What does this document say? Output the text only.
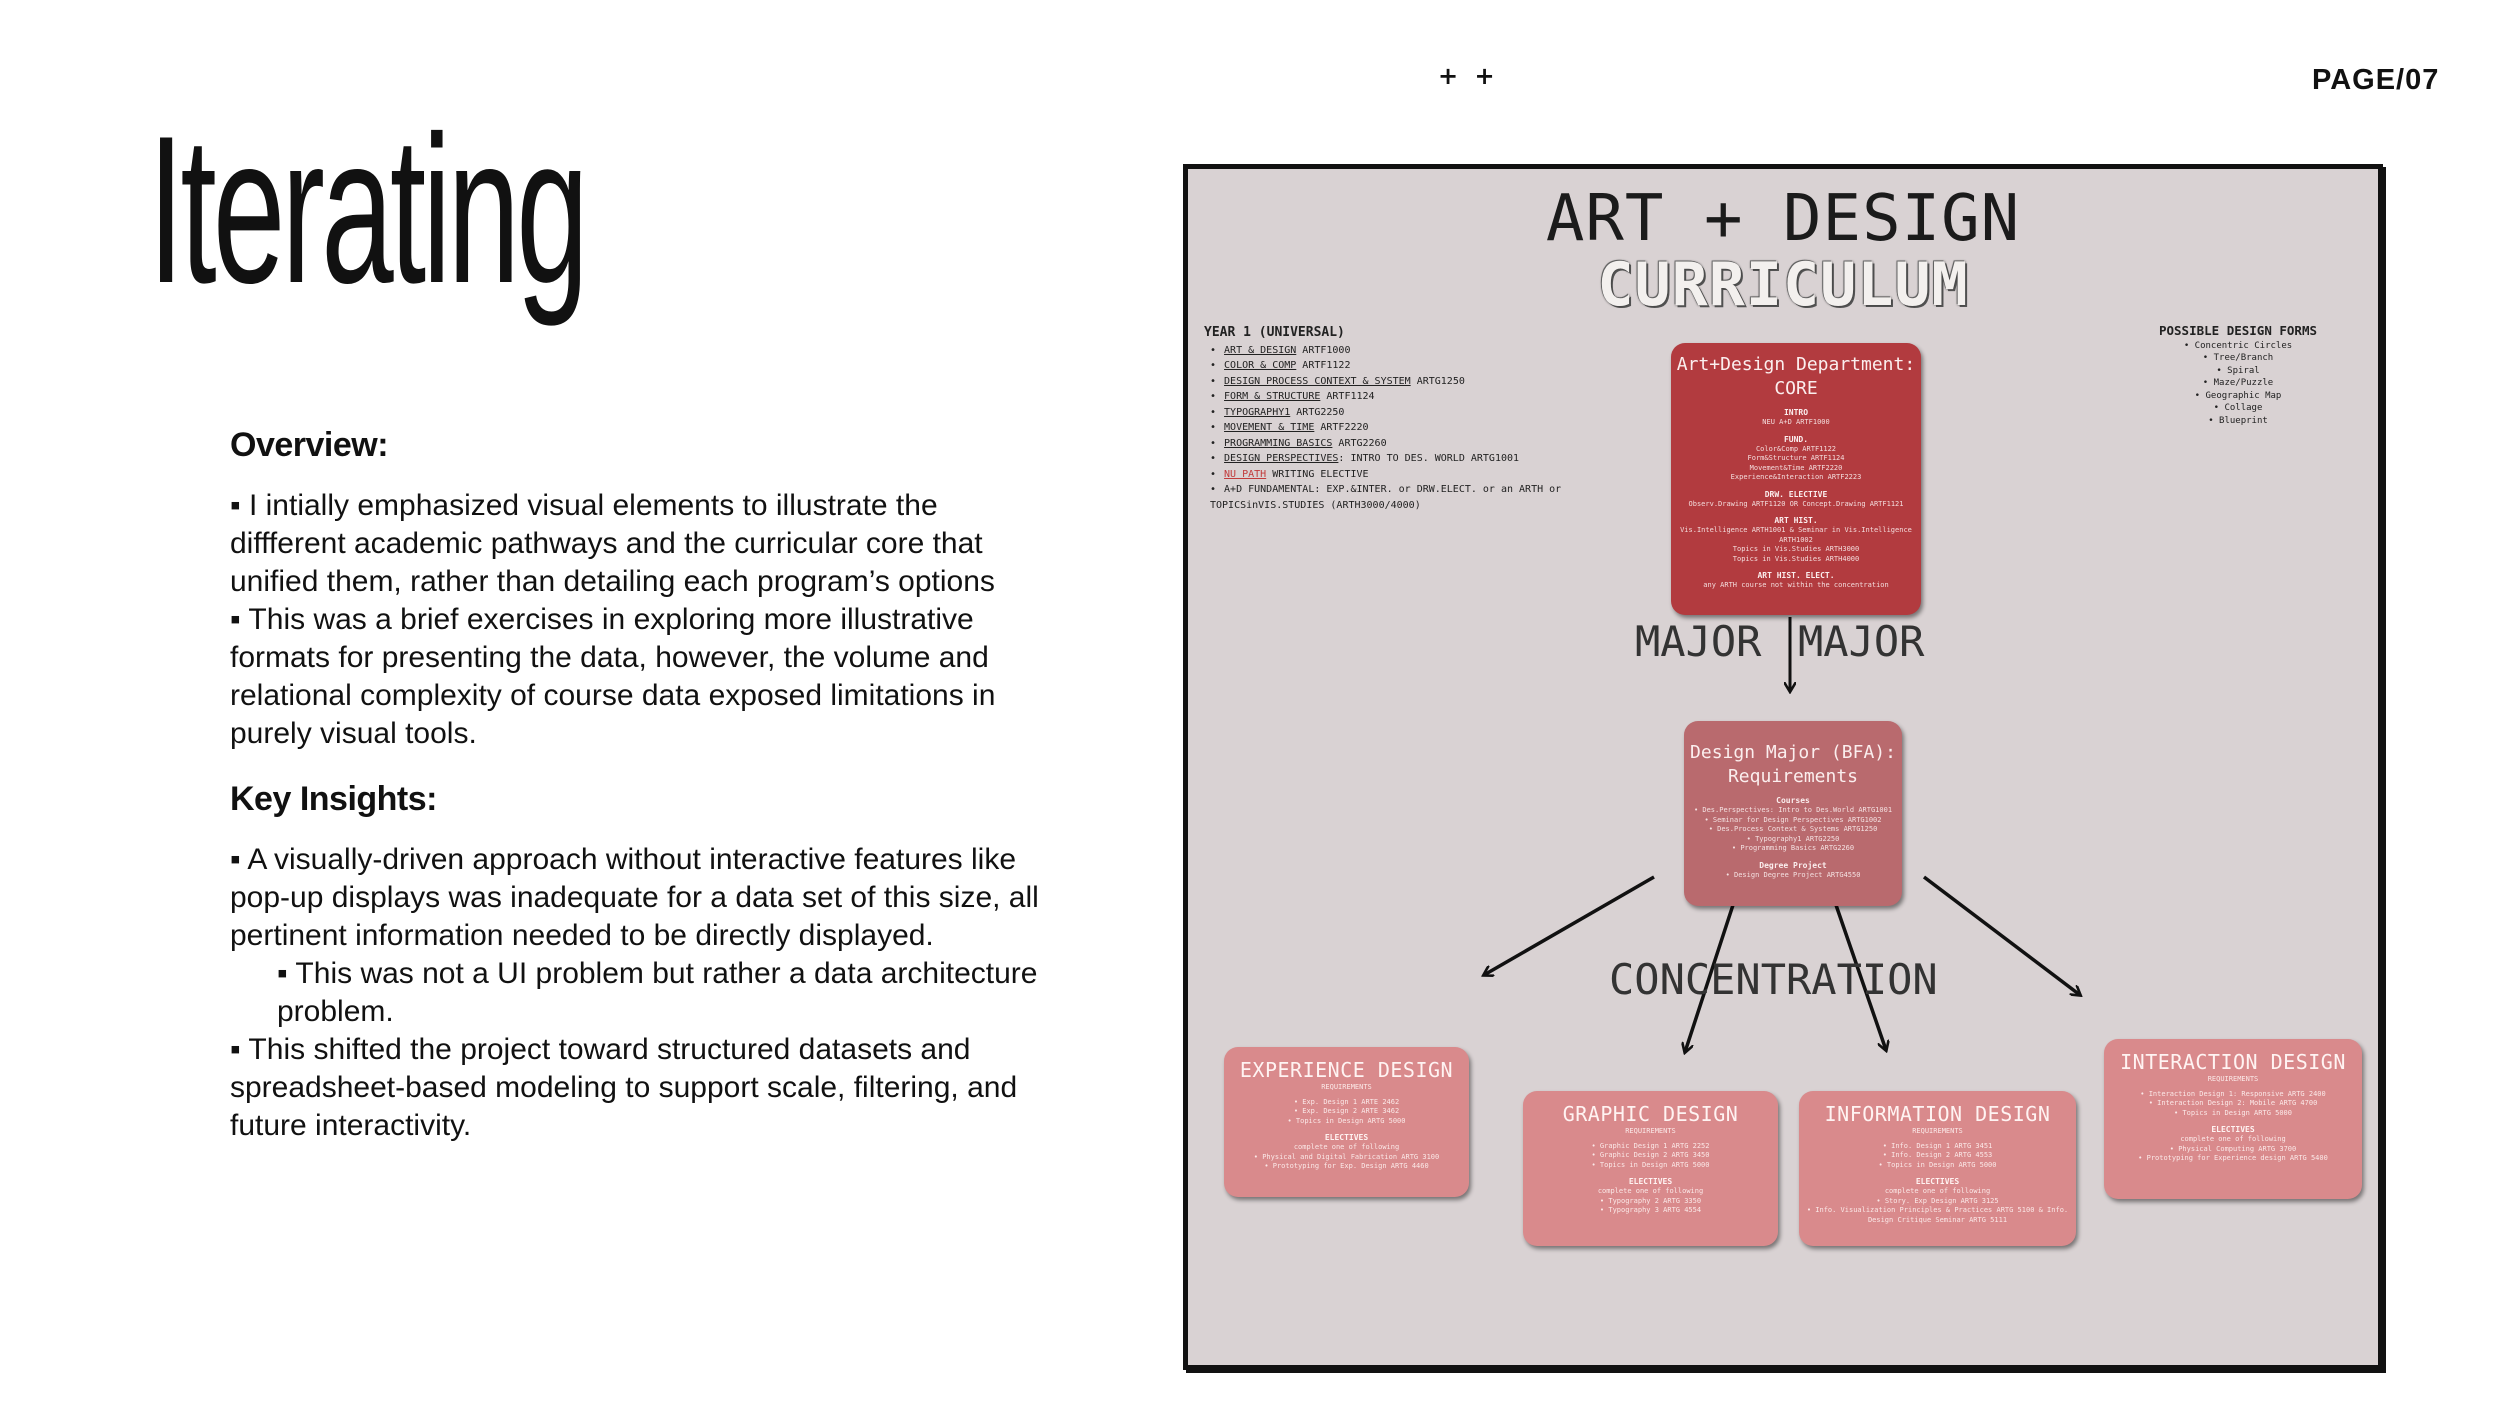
+ +	PAGE/07
Iterating
Overview:

▪ I intially emphasized visual elements to illustrate the

diffferent academic pathways and the curricular core that

unified them, rather than detailing each program’s options

▪ This was a brief exercises in exploring more illustrative

formats for presenting the data, however, the volume and

relational complexity of course data exposed limitations in

purely visual tools.

Key Insights:

▪ A visually-driven approach without interactive features like

pop-up displays was inadequate for a data set of this size, all

pertinent information needed to be directly displayed.

▪ This was not a UI problem but rather a data architecture

problem.

▪ This shifted the project toward structured datasets and

spreadsheet-based modeling to support scale, filtering, and

future interactivity.

ART + DESIGN
CURRICULUM
YEAR 1 (UNIVERSAL)
• ART & DESIGN ARTF1000
• COLOR & COMP ARTF1122
• DESIGN PROCESS CONTEXT & SYSTEM ARTG1250
• FORM & STRUCTURE ARTF1124
• TYPOGRAPHY1 ARTG2250
• MOVEMENT & TIME ARTF2220
• PROGRAMMING BASICS ARTG2260
• DESIGN PERSPECTIVES: INTRO TO DES. WORLD ARTG1001
• NU PATH WRITING ELECTIVE
• A+D FUNDAMENTAL: EXP.&INTER. or DRW.ELECT. or an ARTH or TOPICSinVIS.STUDIES (ARTH3000/4000)
POSSIBLE DESIGN FORMS
• Concentric Circles
• Tree/Branch
• Spiral
• Maze/Puzzle
• Geographic Map
• Collage
• Blueprint
Art+Design Department: CORE
INTRO
NEU A+D ARTF1000
FUND.
Color&Comp ARTF1122
Form&Structure ARTF1124
Movement&Time ARTF2220
Experience&Interaction ARTF2223
DRW. ELECTIVE
Observ.Drawing ARTF1120 OR Concept.Drawing ARTF1121
ART HIST.
Vis.Intelligence ARTH1001 & Seminar in Vis.Intelligence ARTH1002
Topics in Vis.Studies ARTH3000
Topics in Vis.Studies ARTH4000
ART HIST. ELECT.
any ARTH course not within the concentration
MAJOR MAJOR
Design Major (BFA): Requirements
Courses
• Des.Perspectives: Intro to Des.World ARTG1001
• Seminar for Design Perspectives ARTG1002
• Des.Process Context & Systems ARTG1250
• Typography1 ARTG2250
• Programming Basics ARTG2260
Degree Project
• Design Degree Project ARTG4550
CONCENTRATION
EXPERIENCE DESIGN
REQUIREMENTS
• Exp. Design 1 ARTE 2462
• Exp. Design 2 ARTE 3462
• Topics in Design ARTG 5000
ELECTIVES
complete one of following
• Physical and Digital Fabrication ARTG 3100
• Prototyping for Exp. Design ARTG 4460
GRAPHIC DESIGN
REQUIREMENTS
• Graphic Design 1 ARTG 2252
• Graphic Design 2 ARTG 3450
• Topics in Design ARTG 5000
ELECTIVES
complete one of following
• Typography 2 ARTG 3350
• Typography 3 ARTG 4554
INFORMATION DESIGN
REQUIREMENTS
• Info. Design 1 ARTG 3451
• Info. Design 2 ARTG 4553
• Topics in Design ARTG 5000
ELECTIVES
complete one of following
• Story. Exp Design ARTG 3125
• Info. Visualization Principles & Practices ARTG 5100 & Info. Design Critique Seminar ARTG 5111
INTERACTION DESIGN
REQUIREMENTS
• Interaction Design 1: Responsive ARTG 2400
• Interaction Design 2: Mobile ARTG 4700
• Topics in Design ARTG 5000
ELECTIVES
complete one of following
• Physical Computing ARTG 3700
• Prototyping for Experience design ARTG 5400
